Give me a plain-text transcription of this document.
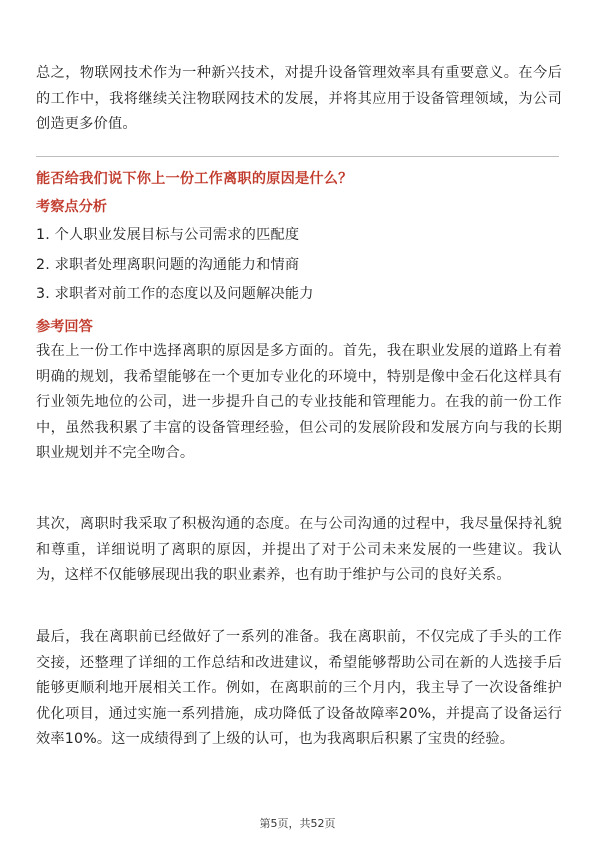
总之，物联网技术作为一种新兴技术，对提升设备管理效率具有重要意义。在今后的工作中，我将继续关注物联网技术的发展，并将其应用于设备管理领域，为公司创造更多价值。

能否给我们说下你上一份工作离职的原因是什么？

考察点分析

1. 个人职业发展目标与公司需求的匹配度

2. 求职者处理离职问题的沟通能力和情商

3. 求职者对前工作的态度以及问题解决能力

参考回答

我在上一份工作中选择离职的原因是多方面的。首先，我在职业发展的道路上有着明确的规划，我希望能够在一个更加专业化的环境中，特别是像中金石化这样具有行业领先地位的公司，进一步提升自己的专业技能和管理能力。在我的前一份工作中，虽然我积累了丰富的设备管理经验，但公司的发展阶段和发展方向与我的长期职业规划并不完全吻合。

其次，离职时我采取了积极沟通的态度。在与公司沟通的过程中，我尽量保持礼貌和尊重，详细说明了离职的原因，并提出了对于公司未来发展的一些建议。我认为，这样不仅能够展现出我的职业素养，也有助于维护与公司的良好关系。

最后，我在离职前已经做好了一系列的准备。我在离职前，不仅完成了手头的工作交接，还整理了详细的工作总结和改进建议，希望能够帮助公司在新的人选接手后能够更顺利地开展相关工作。例如，在离职前的三个月内，我主导了一次设备维护优化项目，通过实施一系列措施，成功降低了设备故障率20%，并提高了设备运行效率10%。这一成绩得到了上级的认可，也为我离职后积累了宝贵的经验。

第5页，共52页
